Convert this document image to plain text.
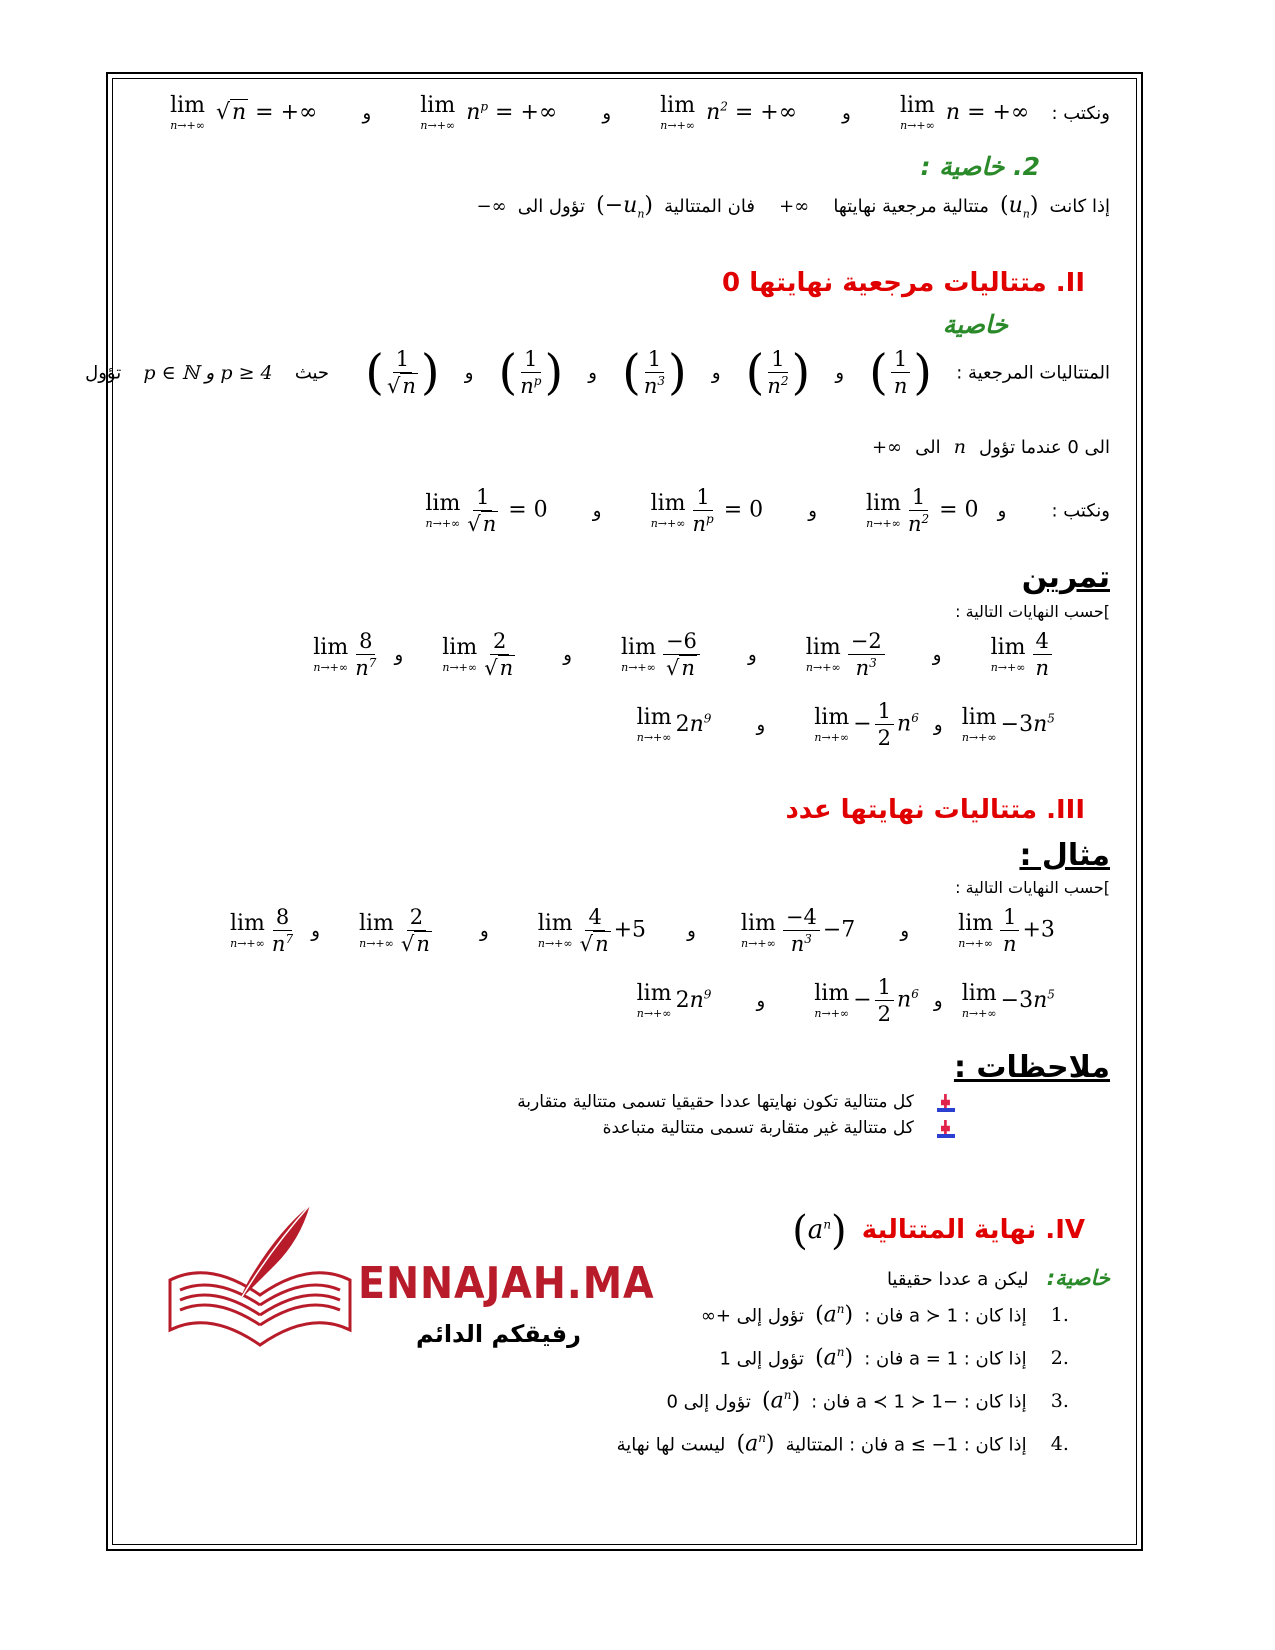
ونكتب :
lim
n→+∞
n = +∞ و
lim
n→+∞
$n^2$ = +∞ و
lim
n→+∞
$n^p$ = +∞ و
lim
n→+∞
√n = +∞
2. خاصية :
إذا كانت $(u_n)$ متتالية مرجعية نهايتها  +∞  فان المتتالية $(-u_n)$ تؤول الى −∞
II. متتاليات مرجعية نهايتها 0
خاصية
المتتاليات المرجعية :  ( $\frac{1}{n}$ ) و ( $\frac{1}{n^2}$ ) و ( $\frac{1}{n^3}$ ) و ( $\frac{1}{n^p}$ ) و ( $\frac{1}{√n}$ )  حيث  p ∈ ℕ و p ≥ 4  تؤول
الى 0 عندما تؤول n الى +∞
ونكتب : و
lim
$n\to+\infty \frac{1}{n^2} = 0$ و
lim
$n\to+\infty \frac{1}{n^p} = 0$ و
lim
$n\to+\infty \frac{1}{√n} = 0$
تمرين
]حسب النهايات التالية :

lim
$n\to+\infty \frac{4}{n}$
و
lim
$n\to+\infty \frac{-2}{n^3}$
و
lim
$n\to+\infty \frac{-6}{√n}$
و
lim
$n\to+\infty \frac{2}{√n}$
و
lim
$n\to+\infty \frac{8}{n^7}$

lim
n→+∞
$-3n^5$ و
lim
n→+∞
− $\frac{1}{2} n^6$ و
lim
n→+∞
$2n^9$
III. متتاليات نهايتها عدد
مثال :
]حسب النهايات التالية :

lim
$n\to+\infty \frac{1}{n} +3$ و
lim
$n\to+\infty \frac{-4}{n^3} -7$ و
lim
$n\to+\infty \frac{4}{√n} +5$ و
lim
$n\to+\infty \frac{2}{√n}$
و
lim
$n\to+\infty \frac{8}{n^7}$

lim
n→+∞
$-3n^5$ و
lim
n→+∞
− $\frac{1}{2} n^6$ و
lim
n→+∞
$2n^9$
ملاحظات :
كل متتالية تكون نهايتها عددا حقيقيا تسمى متتالية متقاربة
كل متتالية غير متقاربة تسمى متتالية متباعدة
IV. نهاية المتتالية $(a^n)$
خاصية:  ليكن a عددا حقيقيا
1.  إذا كان : a ≻ 1 فان : $(a^n)$ تؤول إلى +∞
2.  إذا كان : a = 1 فان : $(a^n)$ تؤول إلى 1
3.  إذا كان : −1 ≺ a ≺ 1 فان : $(a^n)$ تؤول إلى 0
4.  إذا كان : a ≤ −1 فان : المتتالية $(a^n)$ ليست لها نهاية
ENNAJAH.MA
رفيقكم الدائم
